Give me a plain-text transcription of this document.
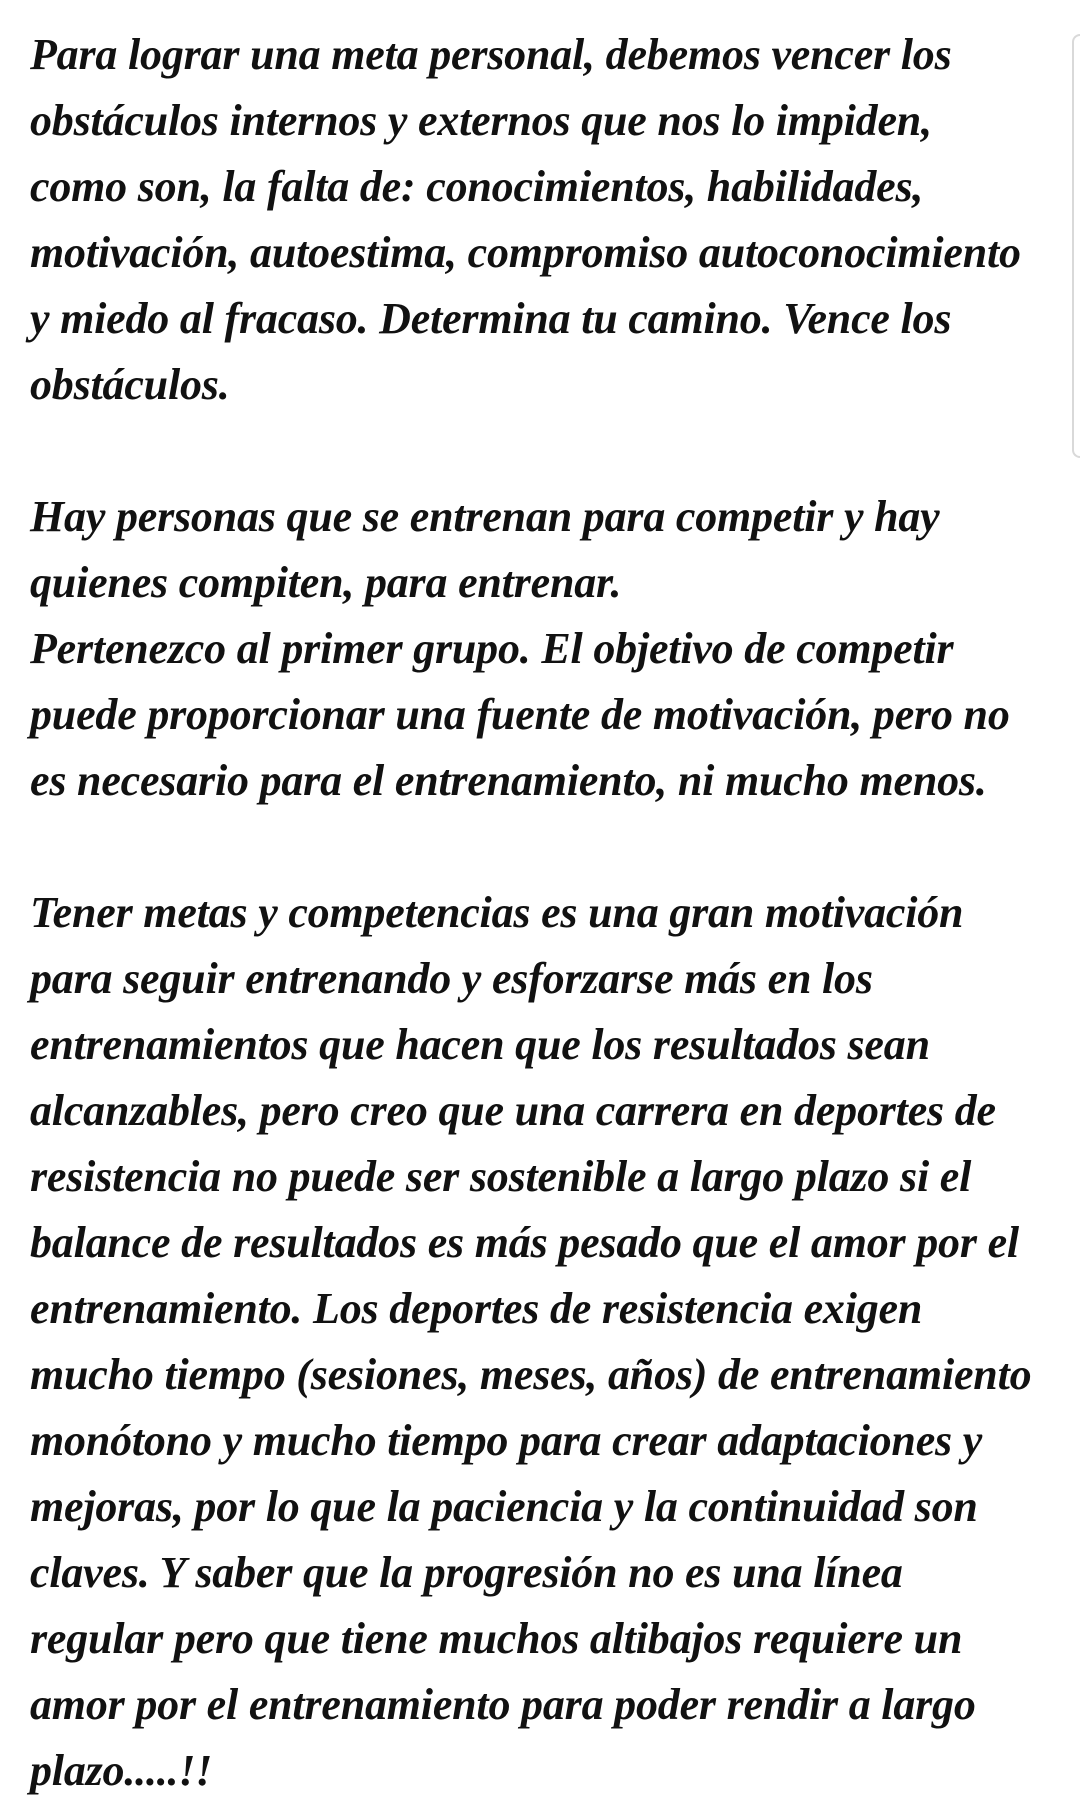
Para lograr una meta personal, debemos vencer los
obstáculos internos y externos que nos lo impiden,
como son, la falta de: conocimientos, habilidades,
motivación, autoestima, compromiso autoconocimiento
y miedo al fracaso. Determina tu camino. Vence los
obstáculos.

Hay personas que se entrenan para competir y hay
quienes compiten, para entrenar.
Pertenezco al primer grupo. El objetivo de competir
puede proporcionar una fuente de motivación, pero no
es necesario para el entrenamiento, ni mucho menos.

Tener metas y competencias es una gran motivación
para seguir entrenando y esforzarse más en los
entrenamientos que hacen que los resultados sean
alcanzables, pero creo que una carrera en deportes de
resistencia no puede ser sostenible a largo plazo si el
balance de resultados es más pesado que el amor por el
entrenamiento. Los deportes de resistencia exigen
mucho tiempo (sesiones, meses, años) de entrenamiento
monótono y mucho tiempo para crear adaptaciones y
mejoras, por lo que la paciencia y la continuidad son
claves. Y saber que la progresión no es una línea
regular pero que tiene muchos altibajos requiere un
amor por el entrenamiento para poder rendir a largo
plazo.....!!
